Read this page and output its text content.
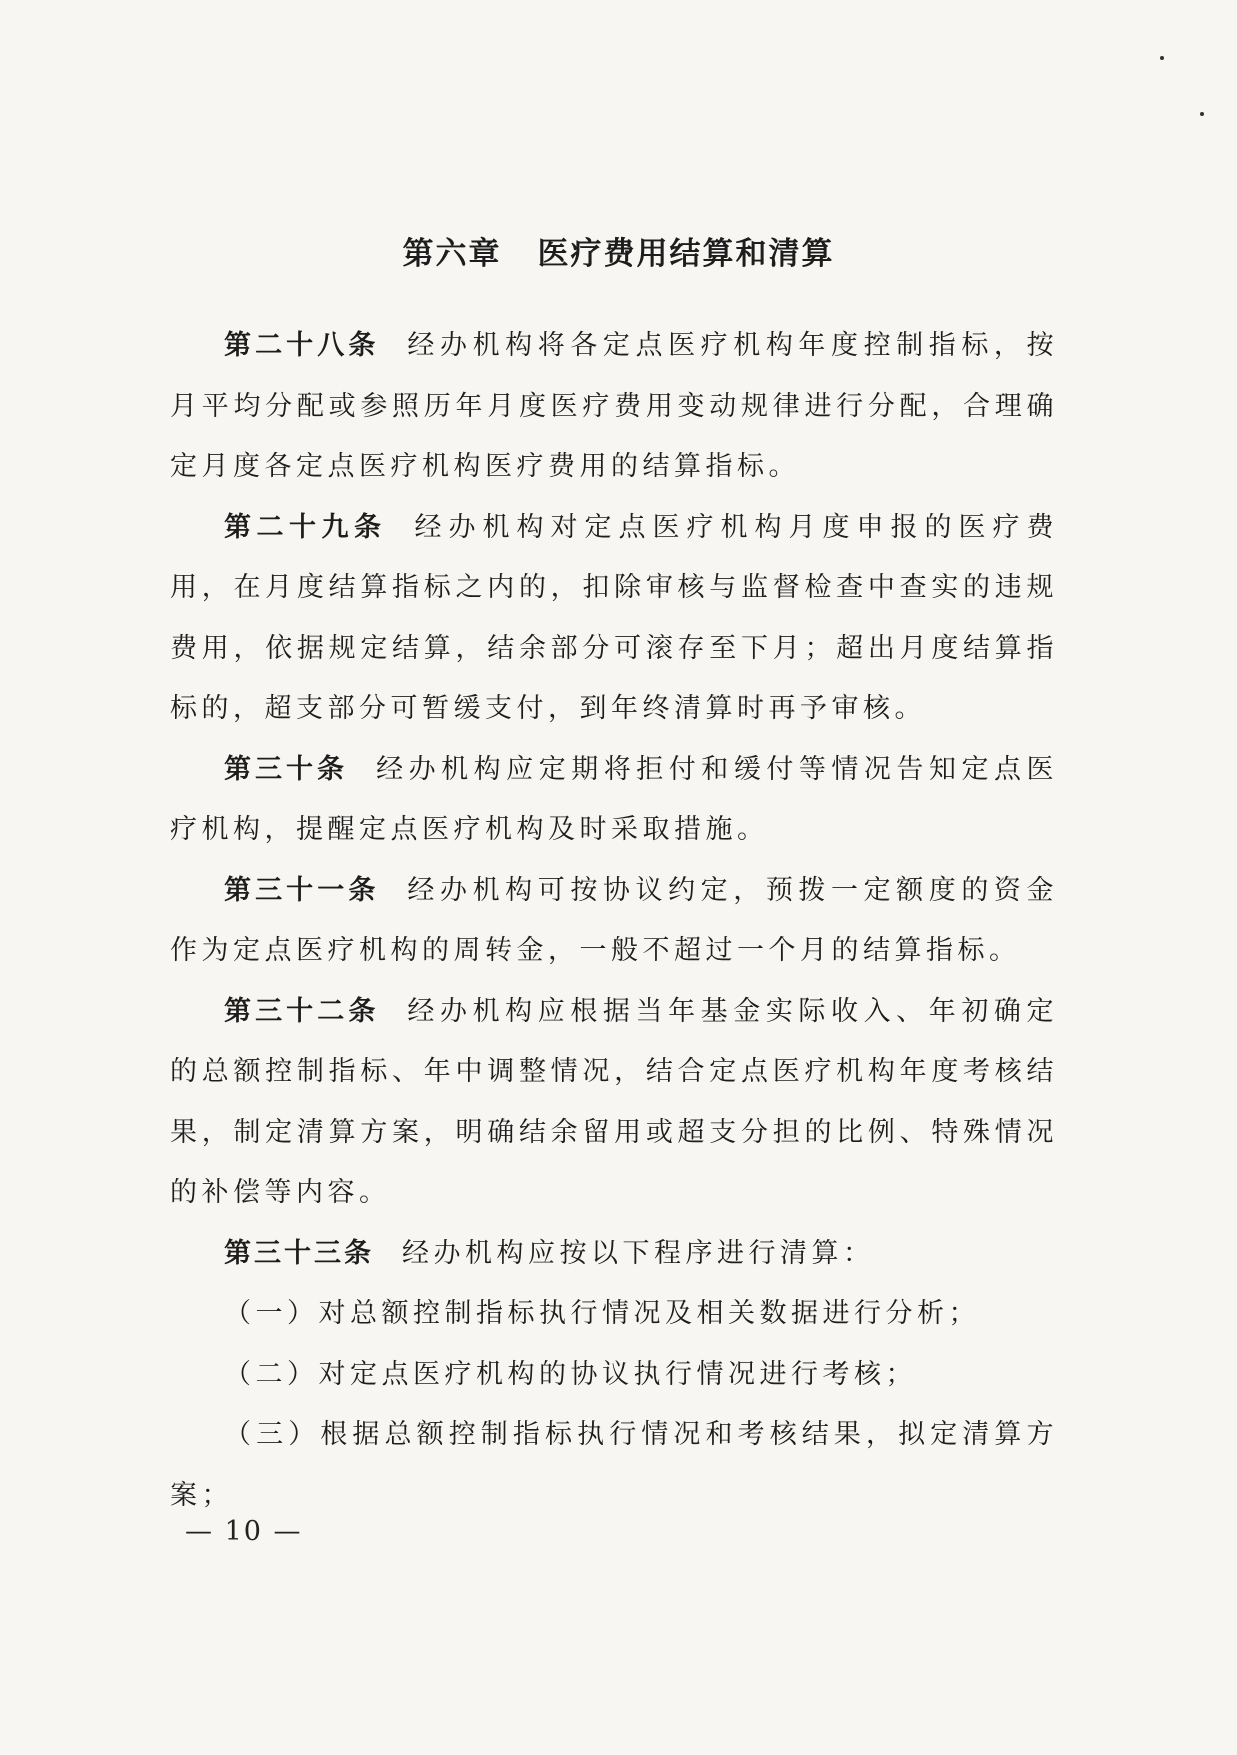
第六章 医疗费用结算和清算

第二十八条 经办机构将各定点医疗机构年度控制指标，按月平均分配或参照历年月度医疗费用变动规律进行分配，合理确定月度各定点医疗机构医疗费用的结算指标。

第二十九条 经办机构对定点医疗机构月度申报的医疗费用，在月度结算指标之内的，扣除审核与监督检查中查实的违规费用，依据规定结算，结余部分可滚存至下月；超出月度结算指标的，超支部分可暂缓支付，到年终清算时再予审核。

第三十条 经办机构应定期将拒付和缓付等情况告知定点医疗机构，提醒定点医疗机构及时采取措施。

第三十一条 经办机构可按协议约定，预拨一定额度的资金作为定点医疗机构的周转金，一般不超过一个月的结算指标。

第三十二条 经办机构应根据当年基金实际收入、年初确定的总额控制指标、年中调整情况，结合定点医疗机构年度考核结果，制定清算方案，明确结余留用或超支分担的比例、特殊情况的补偿等内容。

第三十三条 经办机构应按以下程序进行清算：

（一）对总额控制指标执行情况及相关数据进行分析；

（二）对定点医疗机构的协议执行情况进行考核；

（三）根据总额控制指标执行情况和考核结果，拟定清算方案；

— 10 —
